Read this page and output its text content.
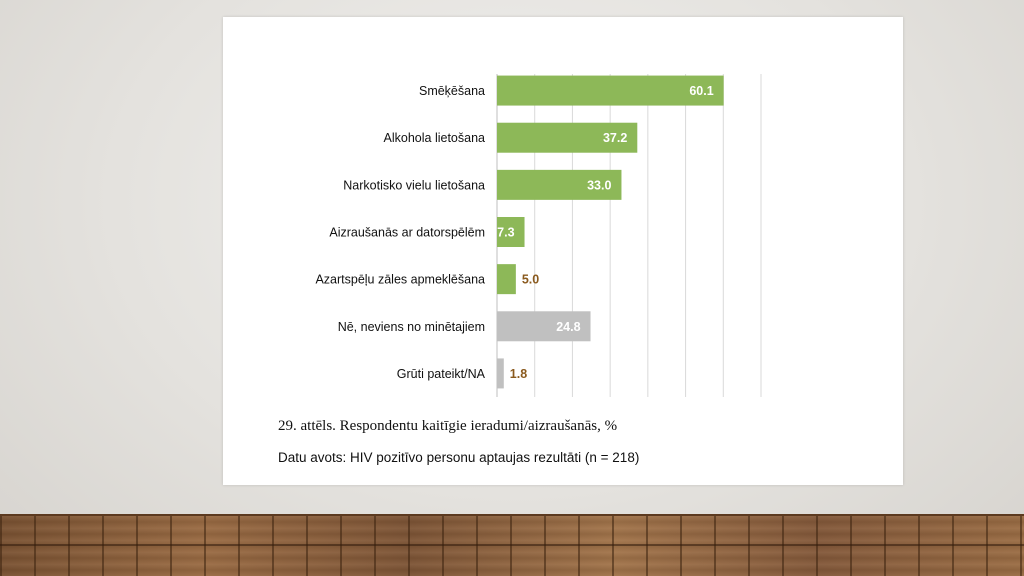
Smēķēšana	60.1
Alkohola lietošana	37.2
Narkotisko vielu lietošana	33.0
Aizraušanās ar datorspēlēm 7.3
Azartspēļu zāles apmeklēšana	5.0
Nē, neviens no minētajiem	24.8
Grūti pateikt/NA 1.8
29. attēls. Respondentu kaitīgie ieradumi/aizraušanās, %
Datu avots: HIV pozitīvo personu aptaujas rezultāti (n = 218)
